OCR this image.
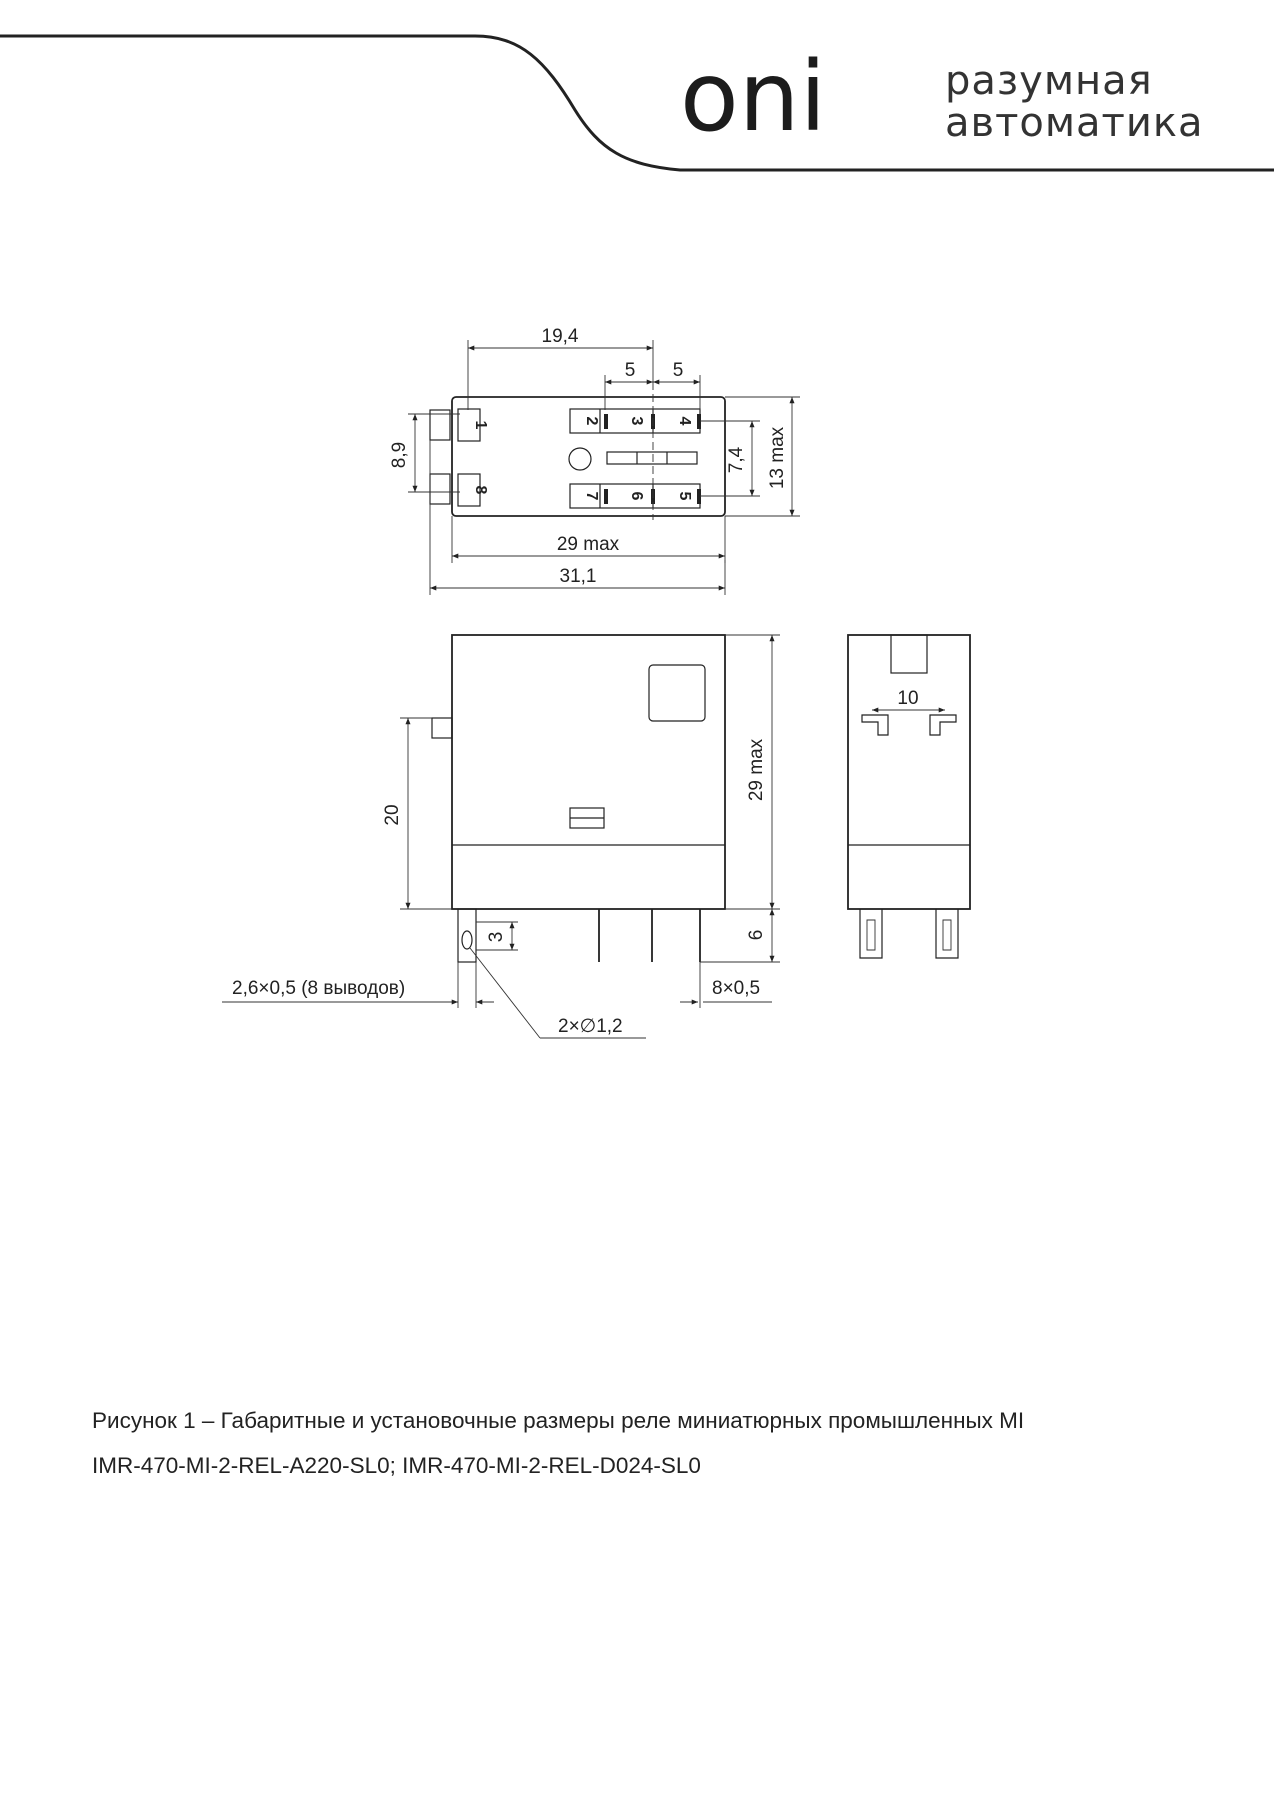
oni	разумная
автоматика
1
8
2 3 4
7 6 5
19,4
5 5
8,9	7,4 13 max
29 max
31,1
29 max
6
20
3
2,6×0,5 (8 выводов)
2×∅1,2
8×0,5
10
Рисунок 1 – Габаритные и установочные размеры реле миниатюрных промышленных MI
IMR-470-MI-2-REL-A220-SL0; IMR-470-MI-2-REL-D024-SL0
